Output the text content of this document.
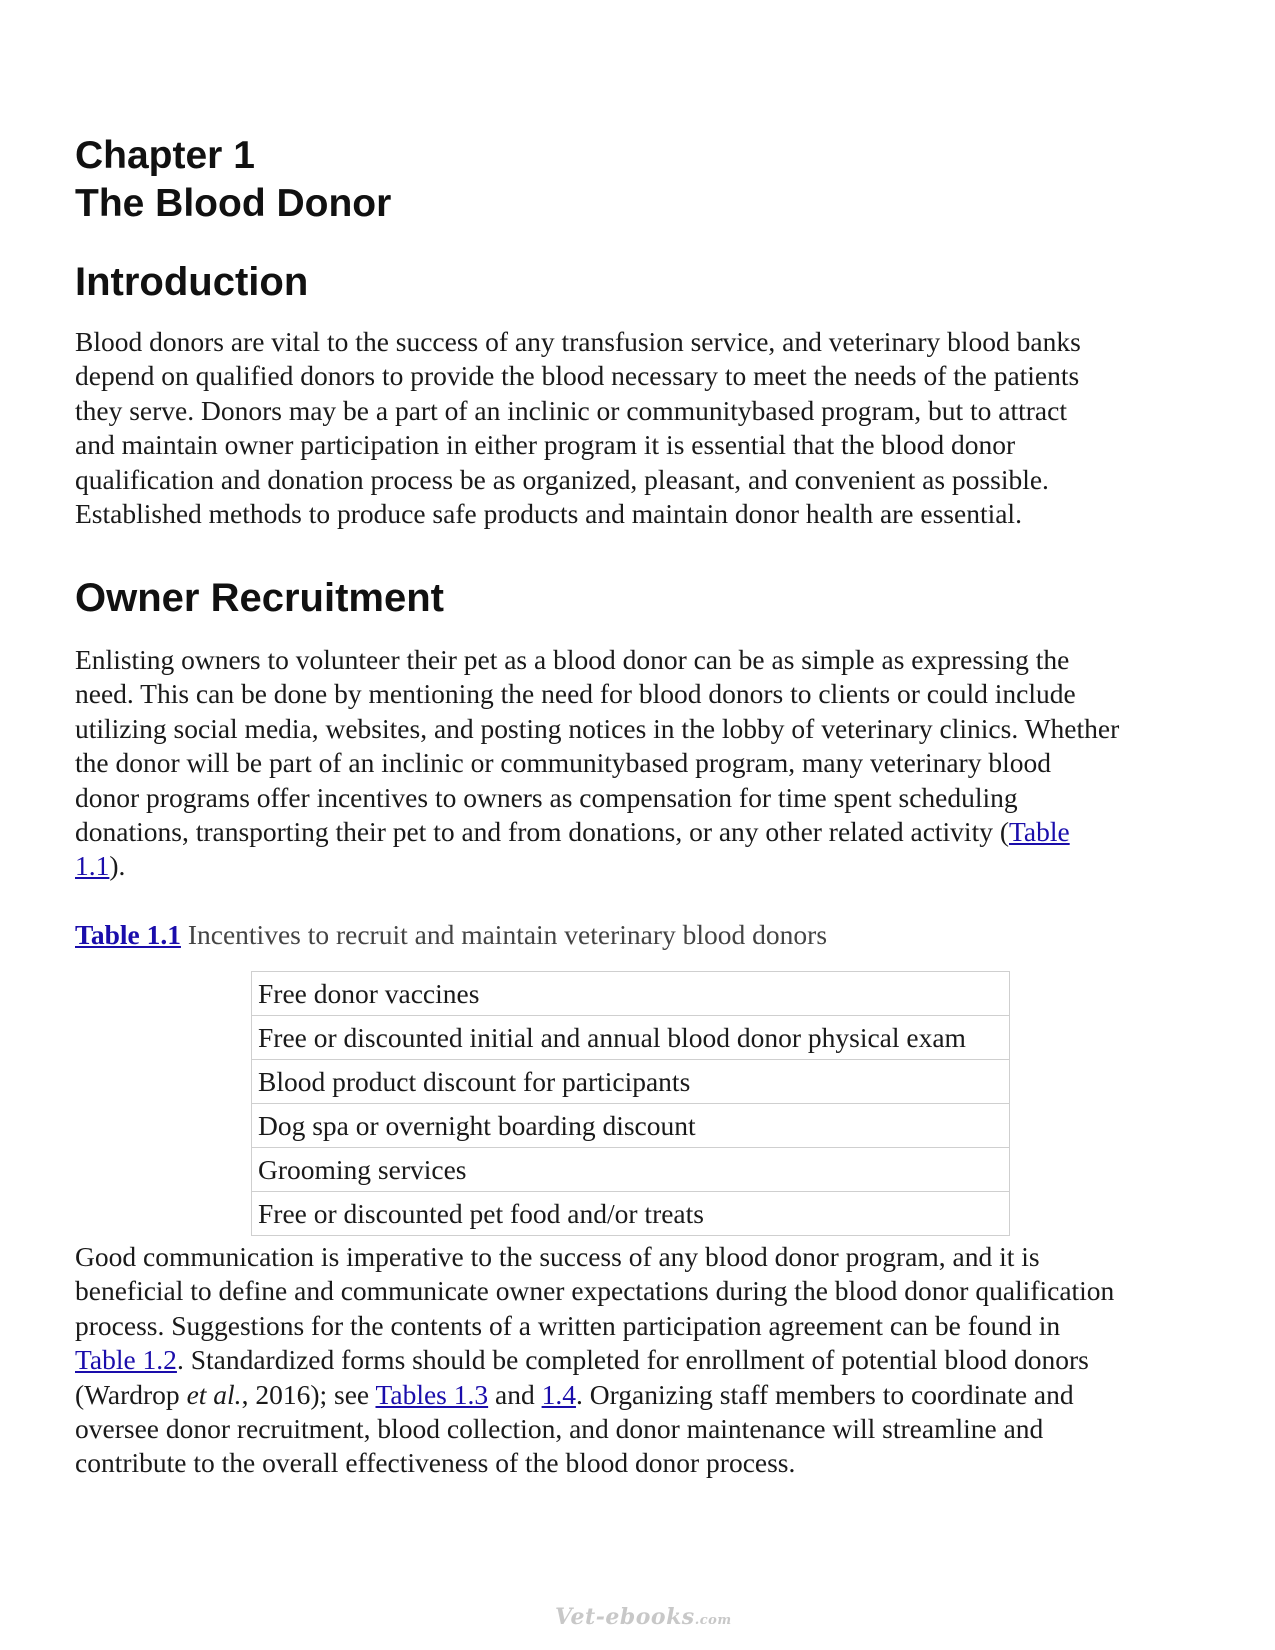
Chapter 1
The Blood Donor
Introduction

Blood donors are vital to the success of any transfusion service, and veterinary blood banks
depend on qualified donors to provide the blood necessary to meet the needs of the patients
they serve. Donors may be a part of an inclinic or communitybased program, but to attract
and maintain owner participation in either program it is essential that the blood donor
qualification and donation process be as organized, pleasant, and convenient as possible.
Established methods to produce safe products and maintain donor health are essential.

Owner Recruitment

Enlisting owners to volunteer their pet as a blood donor can be as simple as expressing the
need. This can be done by mentioning the need for blood donors to clients or could include
utilizing social media, websites, and posting notices in the lobby of veterinary clinics. Whether
the donor will be part of an inclinic or communitybased program, many veterinary blood
donor programs offer incentives to owners as compensation for time spent scheduling
donations, transporting their pet to and from donations, or any other related activity (Table
1.1).

Table 1.1 Incentives to recruit and maintain veterinary blood donors

Free donor vaccines
Free or discounted initial and annual blood donor physical exam
Blood product discount for participants
Dog spa or overnight boarding discount
Grooming services
Free or discounted pet food and/or treats

Good communication is imperative to the success of any blood donor program, and it is
beneficial to define and communicate owner expectations during the blood donor qualification
process. Suggestions for the contents of a written participation agreement can be found in
Table 1.2. Standardized forms should be completed for enrollment of potential blood donors
(Wardrop et al., 2016); see Tables 1.3 and 1.4. Organizing staff members to coordinate and
oversee donor recruitment, blood collection, and donor maintenance will streamline and
contribute to the overall effectiveness of the blood donor process.

Vet-ebooks.com
